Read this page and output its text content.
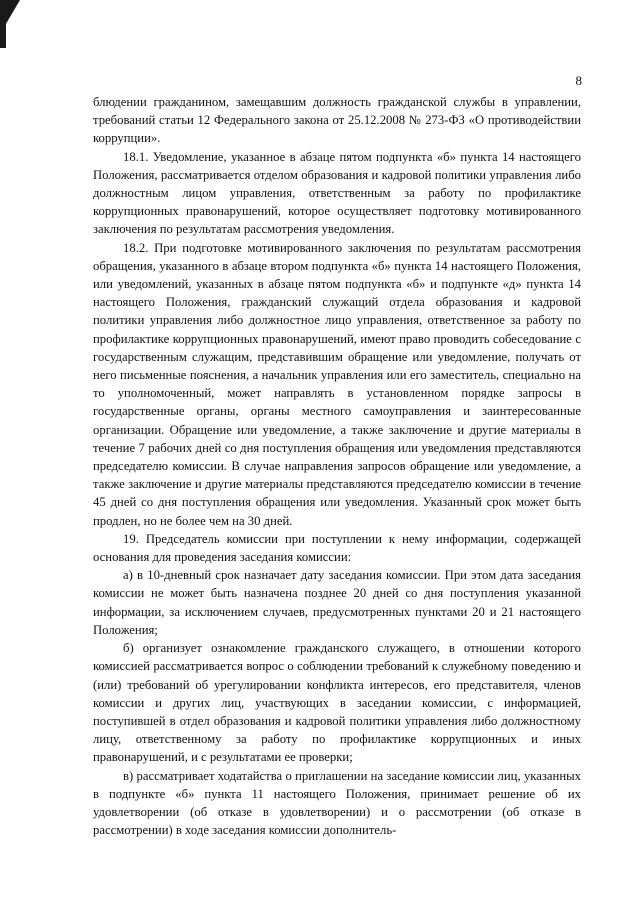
8

блюдении гражданином, замещавшим должность гражданской службы в управлении, требований статьи 12 Федерального закона от 25.12.2008 № 273-ФЗ «О противодействии коррупции».

18.1. Уведомление, указанное в абзаце пятом подпункта «б» пункта 14 настоящего Положения, рассматривается отделом образования и кадровой политики управления либо должностным лицом управления, ответственным за работу по профилактике коррупционных правонарушений, которое осуществляет подготовку мотивированного заключения по результатам рассмотрения уведомления.

18.2. При подготовке мотивированного заключения по результатам рассмотрения обращения, указанного в абзаце втором подпункта «б» пункта 14 настоящего Положения, или уведомлений, указанных в абзаце пятом подпункта «б» и подпункте «д» пункта 14 настоящего Положения, гражданский служащий отдела образования и кадровой политики управления либо должностное лицо управления, ответственное за работу по профилактике коррупционных правонарушений, имеют право проводить собеседование с государственным служащим, представившим обращение или уведомление, получать от него письменные пояснения, а начальник управления или его заместитель, специально на то уполномоченный, может направлять в установленном порядке запросы в государственные органы, органы местного самоуправления и заинтересованные организации. Обращение или уведомление, а также заключение и другие материалы в течение 7 рабочих дней со дня поступления обращения или уведомления представляются председателю комиссии. В случае направления запросов обращение или уведомление, а также заключение и другие материалы представляются председателю комиссии в течение 45 дней со дня поступления обращения или уведомления. Указанный срок может быть продлен, но не более чем на 30 дней.

19. Председатель комиссии при поступлении к нему информации, содержащей основания для проведения заседания комиссии:

а) в 10-дневный срок назначает дату заседания комиссии. При этом дата заседания комиссии не может быть назначена позднее 20 дней со дня поступления указанной информации, за исключением случаев, предусмотренных пунктами 20 и 21 настоящего Положения;

б) организует ознакомление гражданского служащего, в отношении которого комиссией рассматривается вопрос о соблюдении требований к служебному поведению и (или) требований об урегулировании конфликта интересов, его представителя, членов комиссии и других лиц, участвующих в заседании комиссии, с информацией, поступившей в отдел образования и кадровой политики управления либо должностному лицу, ответственному за работу по профилактике коррупционных и иных правонарушений, и с результатами ее проверки;

в) рассматривает ходатайства о приглашении на заседание комиссии лиц, указанных в подпункте «б» пункта 11 настоящего Положения, принимает решение об их удовлетворении (об отказе в удовлетворении) и о рассмотрении (об отказе в рассмотрении) в ходе заседания комиссии дополнитель-
